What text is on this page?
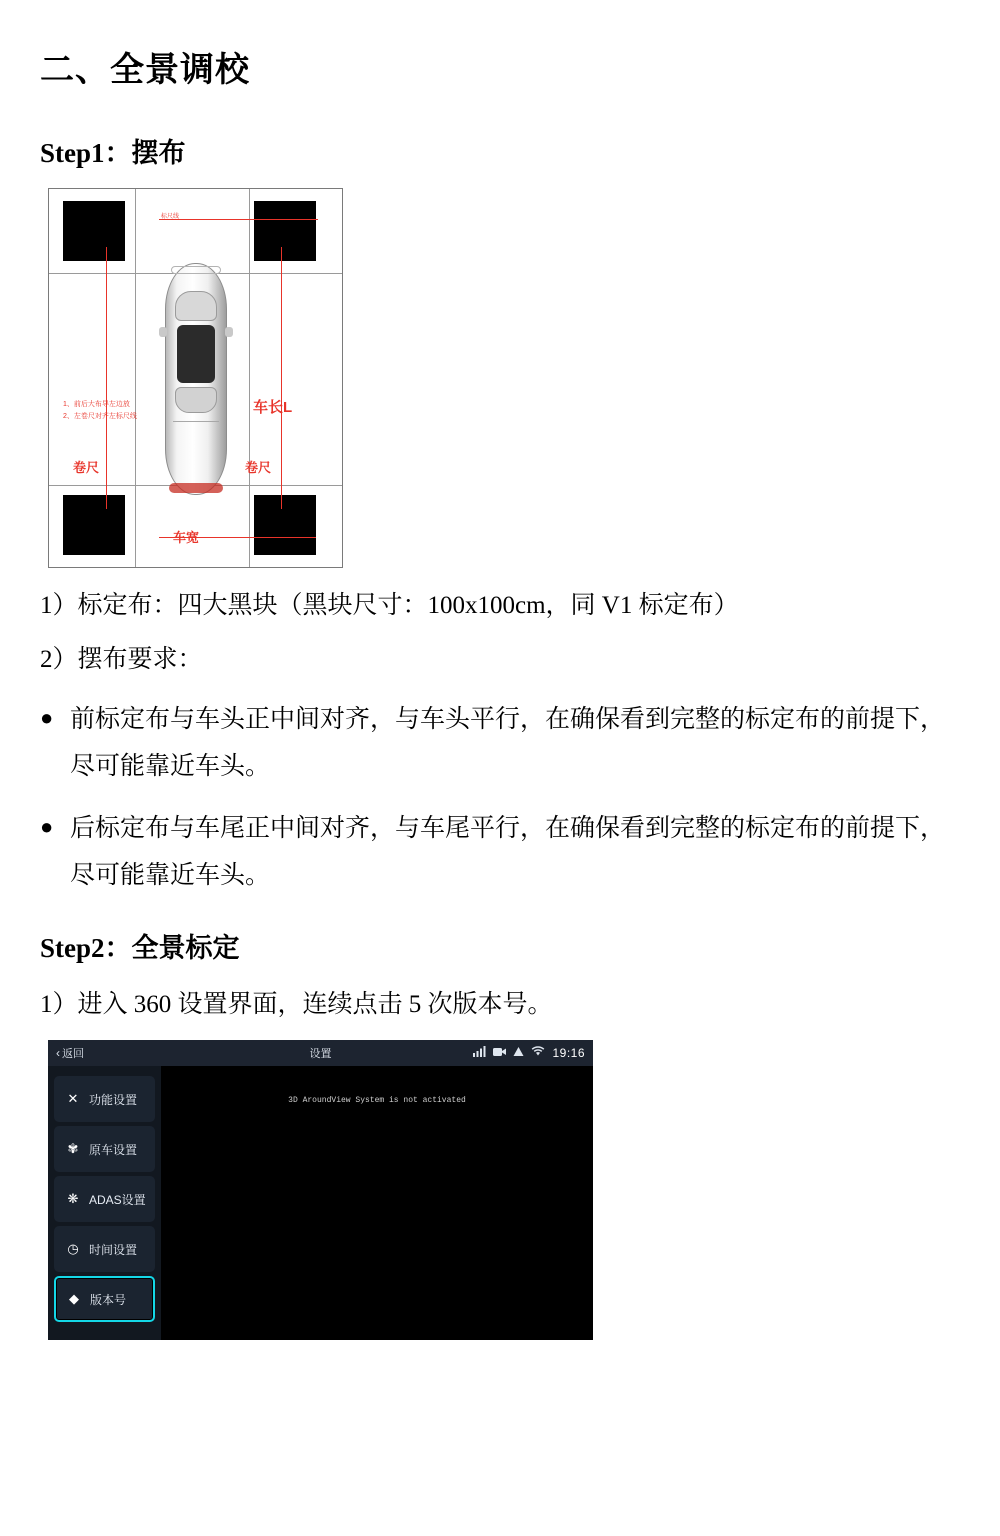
二、全景调校
Step1：摆布
标尺线
1、前后大布导左边放
2、左卷尺对齐左标尺线
车长L
卷尺	卷尺
车宽
1）标定布：四大黑块（黑块尺寸：100x100cm，同 V1 标定布）
2）摆布要求：
● 前标定布与车头正中间对齐，与车头平行，在确保看到完整的标定布的前提下，尽可能靠近车头。
● 后标定布与车尾正中间对齐，与车尾平行，在确保看到完整的标定布的前提下，尽可能靠近车头。
Step2：全景标定
1）进入 360 设置界面，连续点击 5 次版本号。
‹ 返回	设置	19:16
✕ 功能设置
✾ 原车设置
❋ ADAS设置
◷ 时间设置
◆ 版本号
3D AroundView System is not activated
